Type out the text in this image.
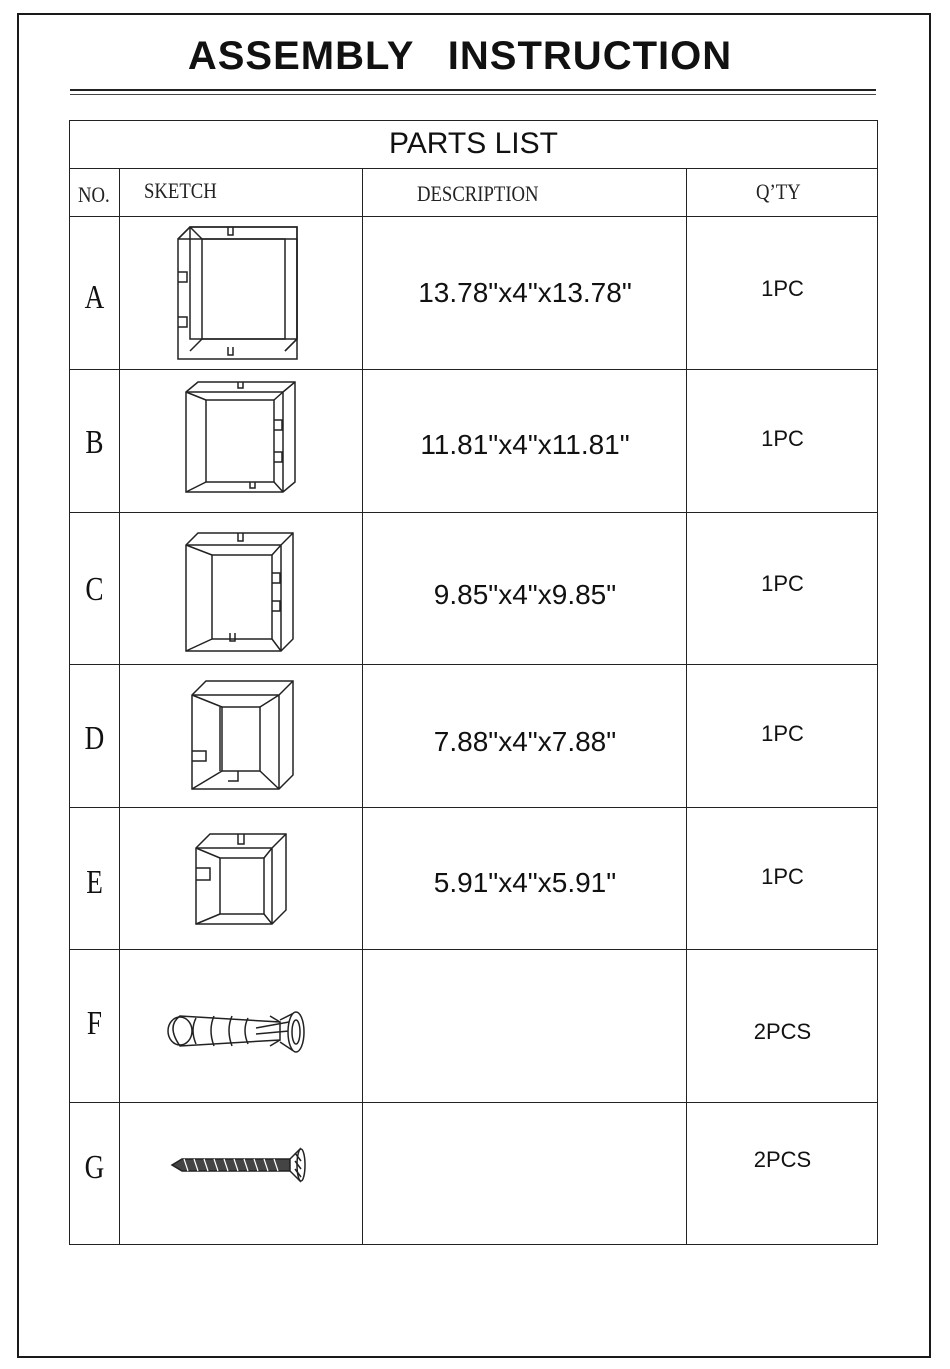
ASSEMBLY INSTRUCTION
PARTS LIST
NO. SKETCH	DESCRIPTION	Q’TY
A	13.78"x4"x13.78"	1PC
B	11.81"x4"x11.81"	1PC
C	9.85"x4"x9.85"	1PC
D	7.88"x4"x7.88"	1PC
E	5.91"x4"x5.91"	1PC
F	2PCS
G	2PCS
